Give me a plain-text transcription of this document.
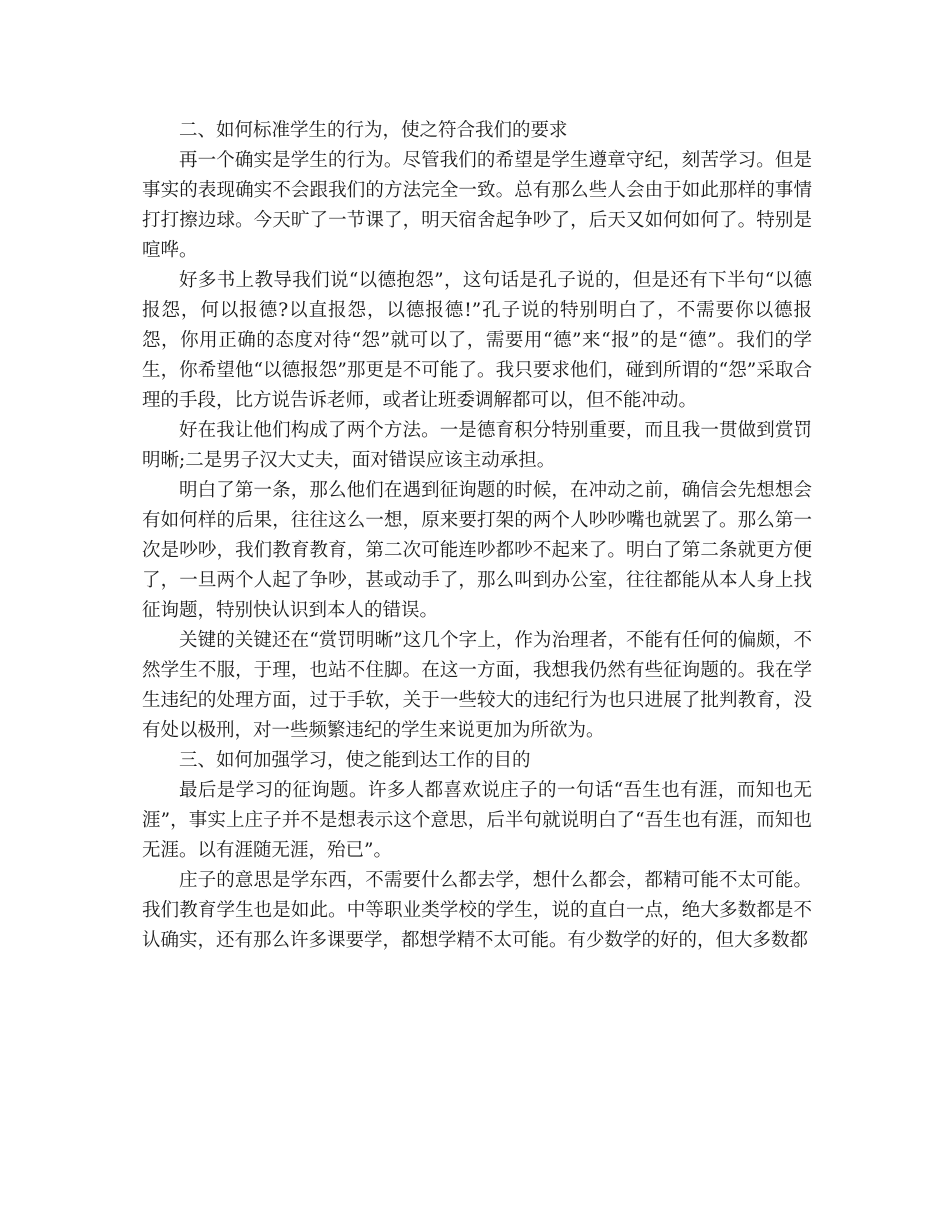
二、如何标准学生的行为，使之符合我们的要求

再一个确实是学生的行为。尽管我们的希望是学生遵章守纪，刻苦学习。但是事实的表现确实不会跟我们的方法完全一致。总有那么些人会由于如此那样的事情打打擦边球。今天旷了一节课了，明天宿舍起争吵了，后天又如何如何了。特别是喧哗。

好多书上教导我们说“以德抱怨”，这句话是孔子说的，但是还有下半句“以德报怨，何以报德?以直报怨，以德报德!”孔子说的特别明白了，不需要你以德报怨，你用正确的态度对待“怨”就可以了，需要用“德”来“报”的是“德”。我们的学生，你希望他“以德报怨”那更是不可能了。我只要求他们，碰到所谓的“怨”采取合理的手段，比方说告诉老师，或者让班委调解都可以，但不能冲动。

好在我让他们构成了两个方法。一是德育积分特别重要，而且我一贯做到赏罚明晰;二是男子汉大丈夫，面对错误应该主动承担。

明白了第一条，那么他们在遇到征询题的时候，在冲动之前，确信会先想想会有如何样的后果，往往这么一想，原来要打架的两个人吵吵嘴也就罢了。那么第一次是吵吵，我们教育教育，第二次可能连吵都吵不起来了。明白了第二条就更方便了，一旦两个人起了争吵，甚或动手了，那么叫到办公室，往往都能从本人身上找征询题，特别快认识到本人的错误。

关键的关键还在“赏罚明晰”这几个字上，作为治理者，不能有任何的偏颇，不然学生不服，于理，也站不住脚。在这一方面，我想我仍然有些征询题的。我在学生违纪的处理方面，过于手软，关于一些较大的违纪行为也只进展了批判教育，没有处以极刑，对一些频繁违纪的学生来说更加为所欲为。

三、如何加强学习，使之能到达工作的目的

最后是学习的征询题。许多人都喜欢说庄子的一句话“吾生也有涯，而知也无涯”，事实上庄子并不是想表示这个意思，后半句就说明白了“吾生也有涯，而知也无涯。以有涯随无涯，殆已”。

庄子的意思是学东西，不需要什么都去学，想什么都会，都精可能不太可能。我们教育学生也是如此。中等职业类学校的学生，说的直白一点，绝大多数都是不认确实，还有那么许多课要学，都想学精不太可能。有少数学的好的，但大多数都
